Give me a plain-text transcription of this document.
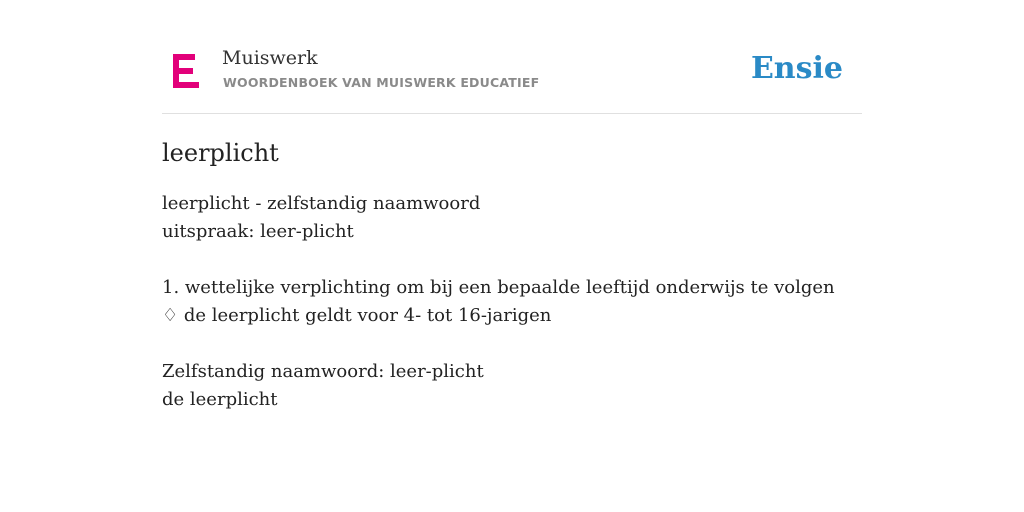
Muiswerk
WOORDENBOEK VAN MUISWERK EDUCATIEF	Ensie
leerplicht
leerplicht - zelfstandig naamwoord
uitspraak: leer-plicht
1. wettelijke verplichting om bij een bepaalde leeftijd onderwijs te volgen
♢ de leerplicht geldt voor 4- tot 16-jarigen
Zelfstandig naamwoord: leer-plicht
de leerplicht
